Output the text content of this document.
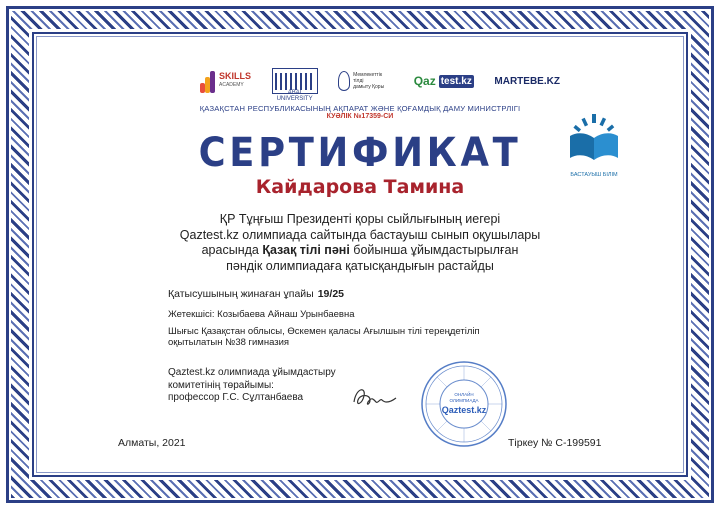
SKILLS
ACADEMY
ABAI UNIVERSITY
Мемлекеттік
тілді
дамыту Қоры	Qaz test.kz MARTEBE.KZ
ҚАЗАҚСТАН РЕСПУБЛИКАСЫНЫҢ АҚПАРАТ ЖӘНЕ ҚОҒАМДЫҚ ДАМУ МИНИСТРЛІГІ
КУӘЛІК №17359-СИ
БАСТАУЫШ БІЛІМ
СЕРТИФИКАТ
Кайдарова Тамина
ҚР Тұңғыш Президенті қоры сыйлығының иегері
Qaztest.kz олимпиада сайтында бастауыш сынып оқушылары
арасында Қазақ тілі пәні бойынша ұйымдастырылған
пәндік олимпиадаға қатысқандығын растайды
Қатысушының жинаған ұпайы 19/25
Жетекшісі: Козыбаева Айнаш Урынбаевна
Шығыс Қазақстан облысы, Өскемен қаласы Ағылшын тілі тереңдетіліп
оқытылатын №38 гимназия
Qaztest.kz олимпиада ұйымдастыру
комитетінің төрайымы:
профессор Г.С. Сұлтанбаева	ОНЛАЙН
ОЛИМПИАДА
Qaztest.kz
Алматы, 2021	Тіркеу № С-199591
